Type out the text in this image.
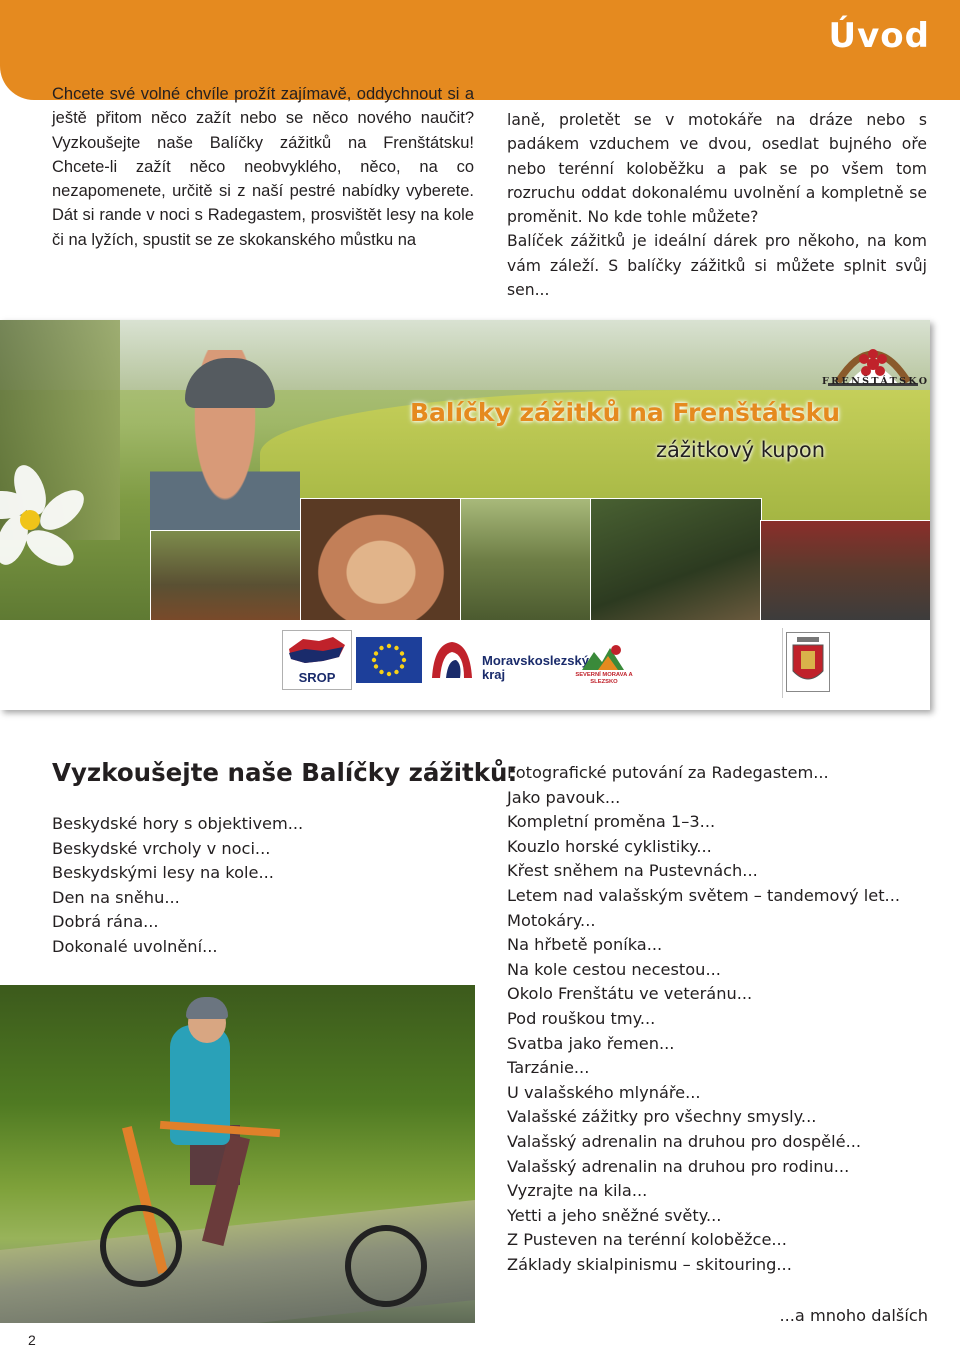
Úvod

Chcete své volné chvíle prožít zajímavě, oddychnout si a ještě přitom něco zažít nebo se něco nového naučit? Vyzkoušejte naše Balíčky zážitků na Frenštátsku! Chcete-li zažít něco neobvyklého, něco, na co nezapomenete, určitě si z naší pestré nabídky vyberete. Dát si rande v noci s Radegastem, prosvištět lesy na kole či na lyžích, spustit se ze skokanského můstku na

laně, proletět se v motokáře na dráze nebo s padákem vzduchem ve dvou, osedlat bujného oře nebo terénní koloběžku a pak se po všem tom rozruchu oddat dokonalému uvolnění a kompletně se proměnit. No kde tohle můžete?

Balíček zážitků je ideální dárek pro někoho, na kom vám záleží. S balíčky zážitků si můžete splnit svůj sen...

FRENŠTÁTSKO
Balíčky zážitků na Frenštátsku
zážitkový kupon
SROP
Moravskoslezský kraj	SEVERNÍ MORAVA A SLEZSKO
Vyzkoušejte naše Balíčky zážitků:
Beskydské hory s objektivem...
Beskydské vrcholy v noci...
Beskydskými lesy na kole...
Den na sněhu...
Dobrá rána...
Dokonalé uvolnění...
Fotografické putování za Radegastem...
Jako pavouk...
Kompletní proměna 1–3...
Kouzlo horské cyklistiky...
Křest sněhem na Pustevnách...
Letem nad valašským světem – tandemový let...
Motokáry...
Na hřbetě poníka...
Na kole cestou necestou...
Okolo Frenštátu ve veteránu...
Pod rouškou tmy...
Svatba jako řemen...
Tarzánie...
U valašského mlynáře...
Valašské zážitky pro všechny smysly...
Valašský adrenalin na druhou pro dospělé...
Valašský adrenalin na druhou pro rodinu...
Vyzrajte na kila...
Yetti a jeho sněžné světy...
Z Pusteven na terénní koloběžce...
Základy skialpinismu – skitouring...
...a mnoho dalších
2
